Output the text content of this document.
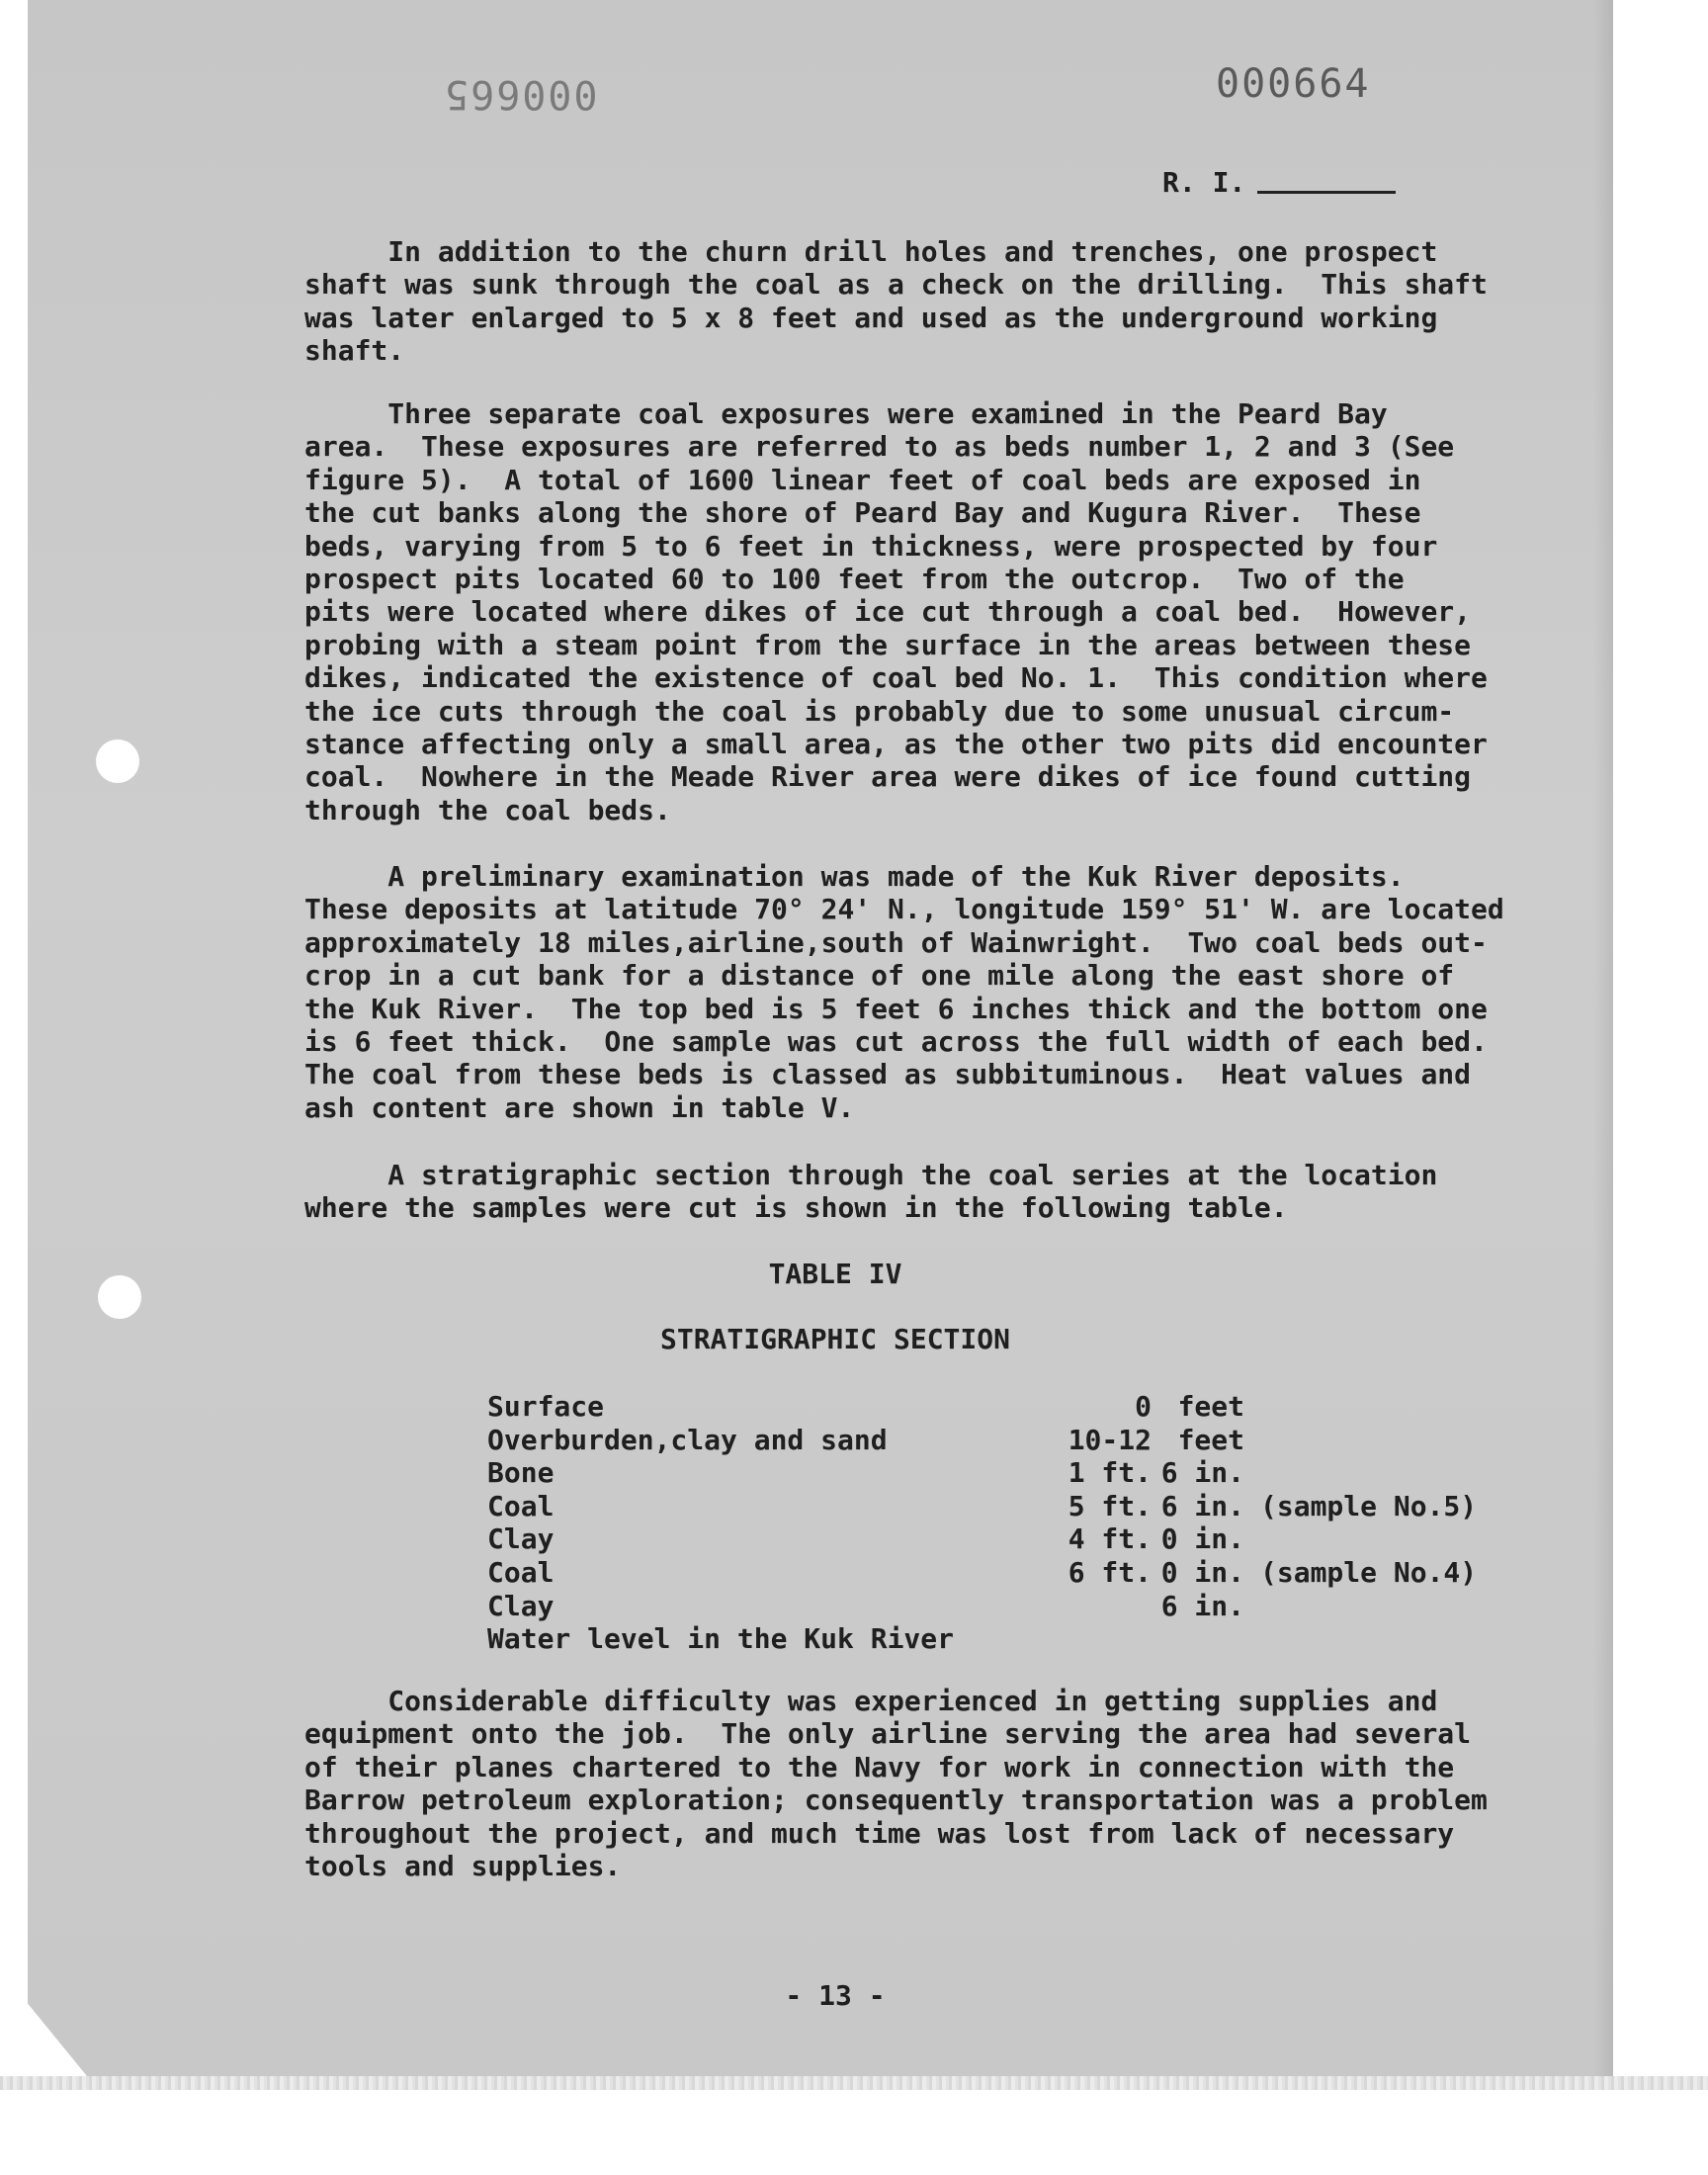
000665	000664
R. I.
In addition to the churn drill holes and trenches, one prospect
shaft was sunk through the coal as a check on the drilling.  This shaft
was later enlarged to 5 x 8 feet and used as the underground working
shaft.
Three separate coal exposures were examined in the Peard Bay
area.  These exposures are referred to as beds number 1, 2 and 3 (See
figure 5).  A total of 1600 linear feet of coal beds are exposed in
the cut banks along the shore of Peard Bay and Kugura River.  These
beds, varying from 5 to 6 feet in thickness, were prospected by four
prospect pits located 60 to 100 feet from the outcrop.  Two of the
pits were located where dikes of ice cut through a coal bed.  However,
probing with a steam point from the surface in the areas between these
dikes, indicated the existence of coal bed No. 1.  This condition where
the ice cuts through the coal is probably due to some unusual circum-
stance affecting only a small area, as the other two pits did encounter
coal.  Nowhere in the Meade River area were dikes of ice found cutting
through the coal beds.
A preliminary examination was made of the Kuk River deposits.
These deposits at latitude 70° 24' N., longitude 159° 51' W. are located
approximately 18 miles,airline,south of Wainwright.  Two coal beds out-
crop in a cut bank for a distance of one mile along the east shore of
the Kuk River.  The top bed is 5 feet 6 inches thick and the bottom one
is 6 feet thick.  One sample was cut across the full width of each bed.
The coal from these beds is classed as subbituminous.  Heat values and
ash content are shown in table V.
A stratigraphic section through the coal series at the location
where the samples were cut is shown in the following table.
TABLE IV
STRATIGRAPHIC SECTION
Surface	0	feet	
Overburden,clay and sand	10-12	feet	
Bone	1 ft.	6 in.	
Coal	5 ft.	6 in.	(sample No.5)
Clay	4 ft.	0 in.	
Coal	6 ft.	0 in.	(sample No.4)
Clay		6 in.	
Water level in the Kuk River			
Considerable difficulty was experienced in getting supplies and
equipment onto the job.  The only airline serving the area had several
of their planes chartered to the Navy for work in connection with the
Barrow petroleum exploration; consequently transportation was a problem
throughout the project, and much time was lost from lack of necessary
tools and supplies.
- 13 -
